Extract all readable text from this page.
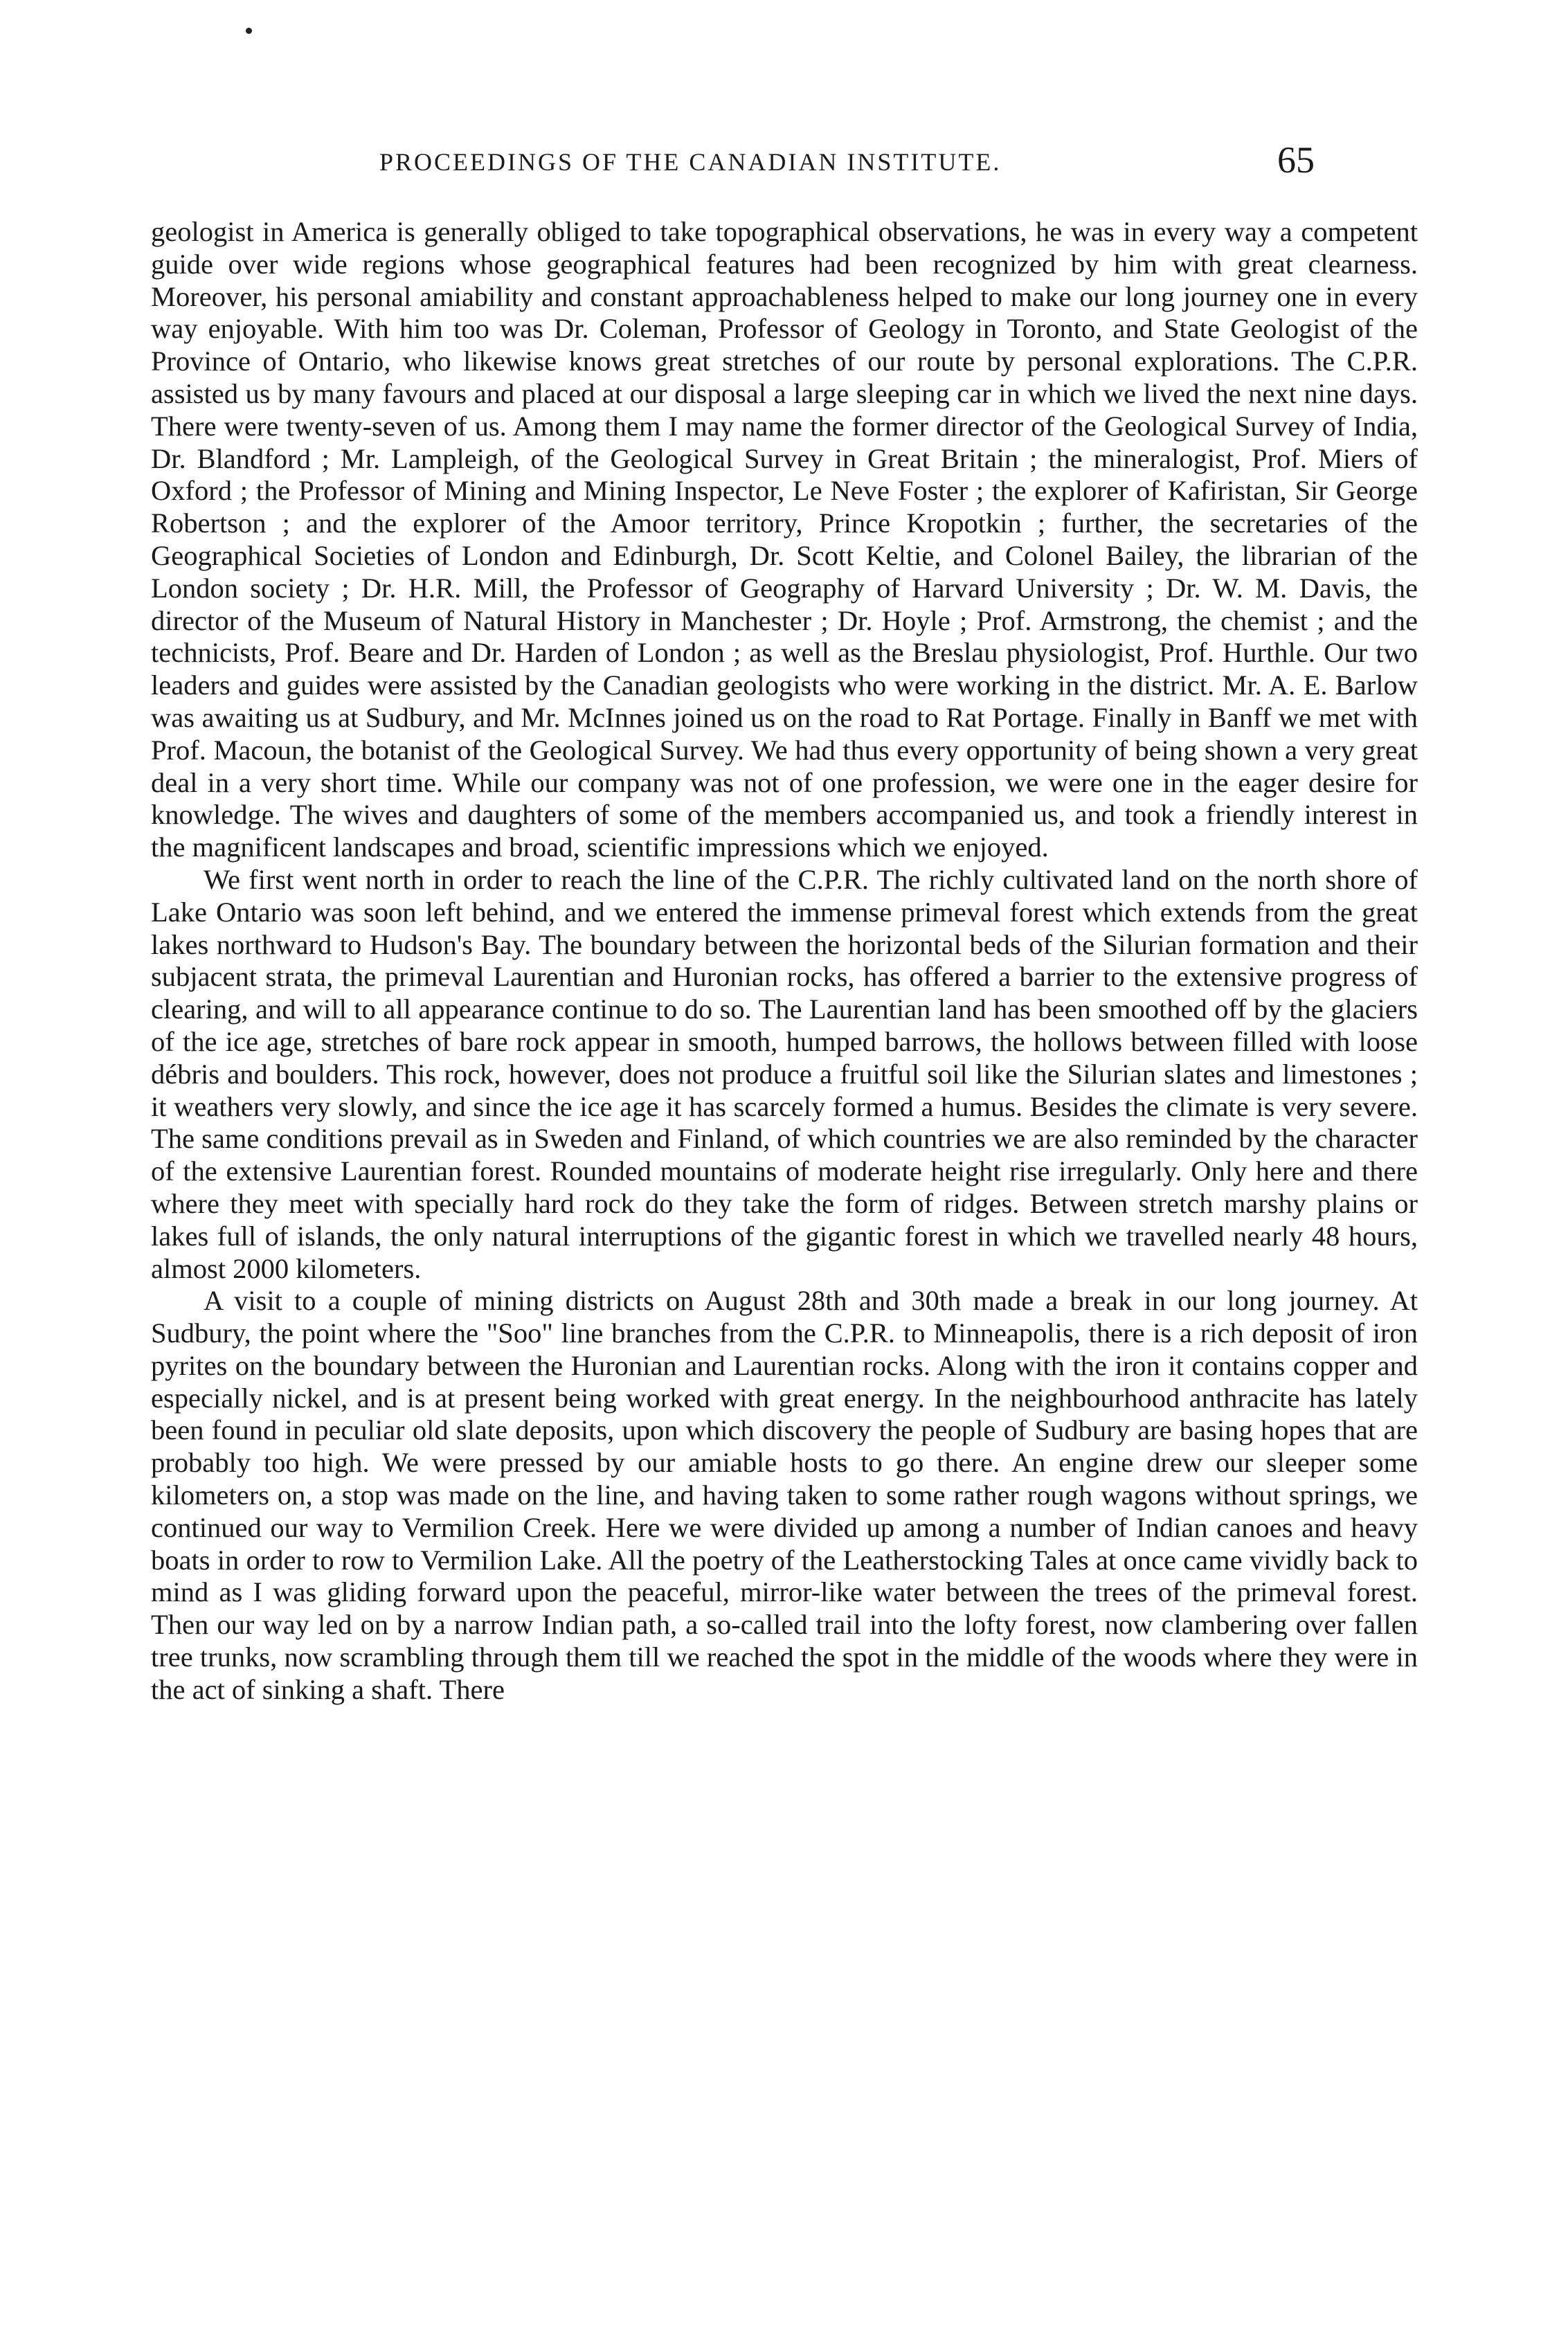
PROCEEDINGS OF THE CANADIAN INSTITUTE.	65

geologist in America is generally obliged to take topographical observations, he was in every way a competent guide over wide regions whose geographical features had been recognized by him with great clearness. Moreover, his personal amiability and constant approachableness helped to make our long journey one in every way enjoyable. With him too was Dr. Coleman, Professor of Geology in Toronto, and State Geologist of the Province of Ontario, who likewise knows great stretches of our route by personal explorations. The C.P.R. assisted us by many favours and placed at our disposal a large sleeping car in which we lived the next nine days. There were twenty-seven of us. Among them I may name the former director of the Geological Survey of India, Dr. Blandford ; Mr. Lampleigh, of the Geological Survey in Great Britain ; the mineralogist, Prof. Miers of Oxford ; the Professor of Mining and Mining Inspector, Le Neve Foster ; the explorer of Kafiristan, Sir George Robertson ; and the explorer of the Amoor territory, Prince Kropotkin ; further, the secretaries of the Geographical Societies of London and Edinburgh, Dr. Scott Keltie, and Colonel Bailey, the librarian of the London society ; Dr. H.R. Mill, the Professor of Geography of Harvard University ; Dr. W. M. Davis, the director of the Museum of Natural History in Manchester ; Dr. Hoyle ; Prof. Armstrong, the chemist ; and the technicists, Prof. Beare and Dr. Harden of London ; as well as the Breslau physiologist, Prof. Hurthle. Our two leaders and guides were assisted by the Canadian geologists who were working in the district. Mr. A. E. Barlow was awaiting us at Sudbury, and Mr. McInnes joined us on the road to Rat Portage. Finally in Banff we met with Prof. Macoun, the botanist of the Geological Survey. We had thus every opportunity of being shown a very great deal in a very short time. While our company was not of one profession, we were one in the eager desire for knowledge. The wives and daughters of some of the members accompanied us, and took a friendly interest in the magnificent landscapes and broad, scientific impressions which we enjoyed.

We first went north in order to reach the line of the C.P.R. The richly cultivated land on the north shore of Lake Ontario was soon left behind, and we entered the immense primeval forest which extends from the great lakes northward to Hudson's Bay. The boundary between the horizontal beds of the Silurian formation and their subjacent strata, the primeval Laurentian and Huronian rocks, has offered a barrier to the extensive progress of clearing, and will to all appearance continue to do so. The Laurentian land has been smoothed off by the glaciers of the ice age, stretches of bare rock appear in smooth, humped barrows, the hollows between filled with loose débris and boulders. This rock, however, does not produce a fruitful soil like the Silurian slates and limestones ; it weathers very slowly, and since the ice age it has scarcely formed a humus. Besides the climate is very severe. The same conditions prevail as in Sweden and Finland, of which countries we are also reminded by the character of the extensive Laurentian forest. Rounded mountains of moderate height rise irregularly. Only here and there where they meet with specially hard rock do they take the form of ridges. Between stretch marshy plains or lakes full of islands, the only natural interruptions of the gigantic forest in which we travelled nearly 48 hours, almost 2000 kilometers.

A visit to a couple of mining districts on August 28th and 30th made a break in our long journey. At Sudbury, the point where the "Soo" line branches from the C.P.R. to Minneapolis, there is a rich deposit of iron pyrites on the boundary between the Huronian and Laurentian rocks. Along with the iron it contains copper and especially nickel, and is at present being worked with great energy. In the neighbourhood anthracite has lately been found in peculiar old slate deposits, upon which discovery the people of Sudbury are basing hopes that are probably too high. We were pressed by our amiable hosts to go there. An engine drew our sleeper some kilometers on, a stop was made on the line, and having taken to some rather rough wagons without springs, we continued our way to Vermilion Creek. Here we were divided up among a number of Indian canoes and heavy boats in order to row to Vermilion Lake. All the poetry of the Leatherstocking Tales at once came vividly back to mind as I was gliding forward upon the peaceful, mirror-like water between the trees of the primeval forest. Then our way led on by a narrow Indian path, a so-called trail into the lofty forest, now clambering over fallen tree trunks, now scrambling through them till we reached the spot in the middle of the woods where they were in the act of sinking a shaft. There
